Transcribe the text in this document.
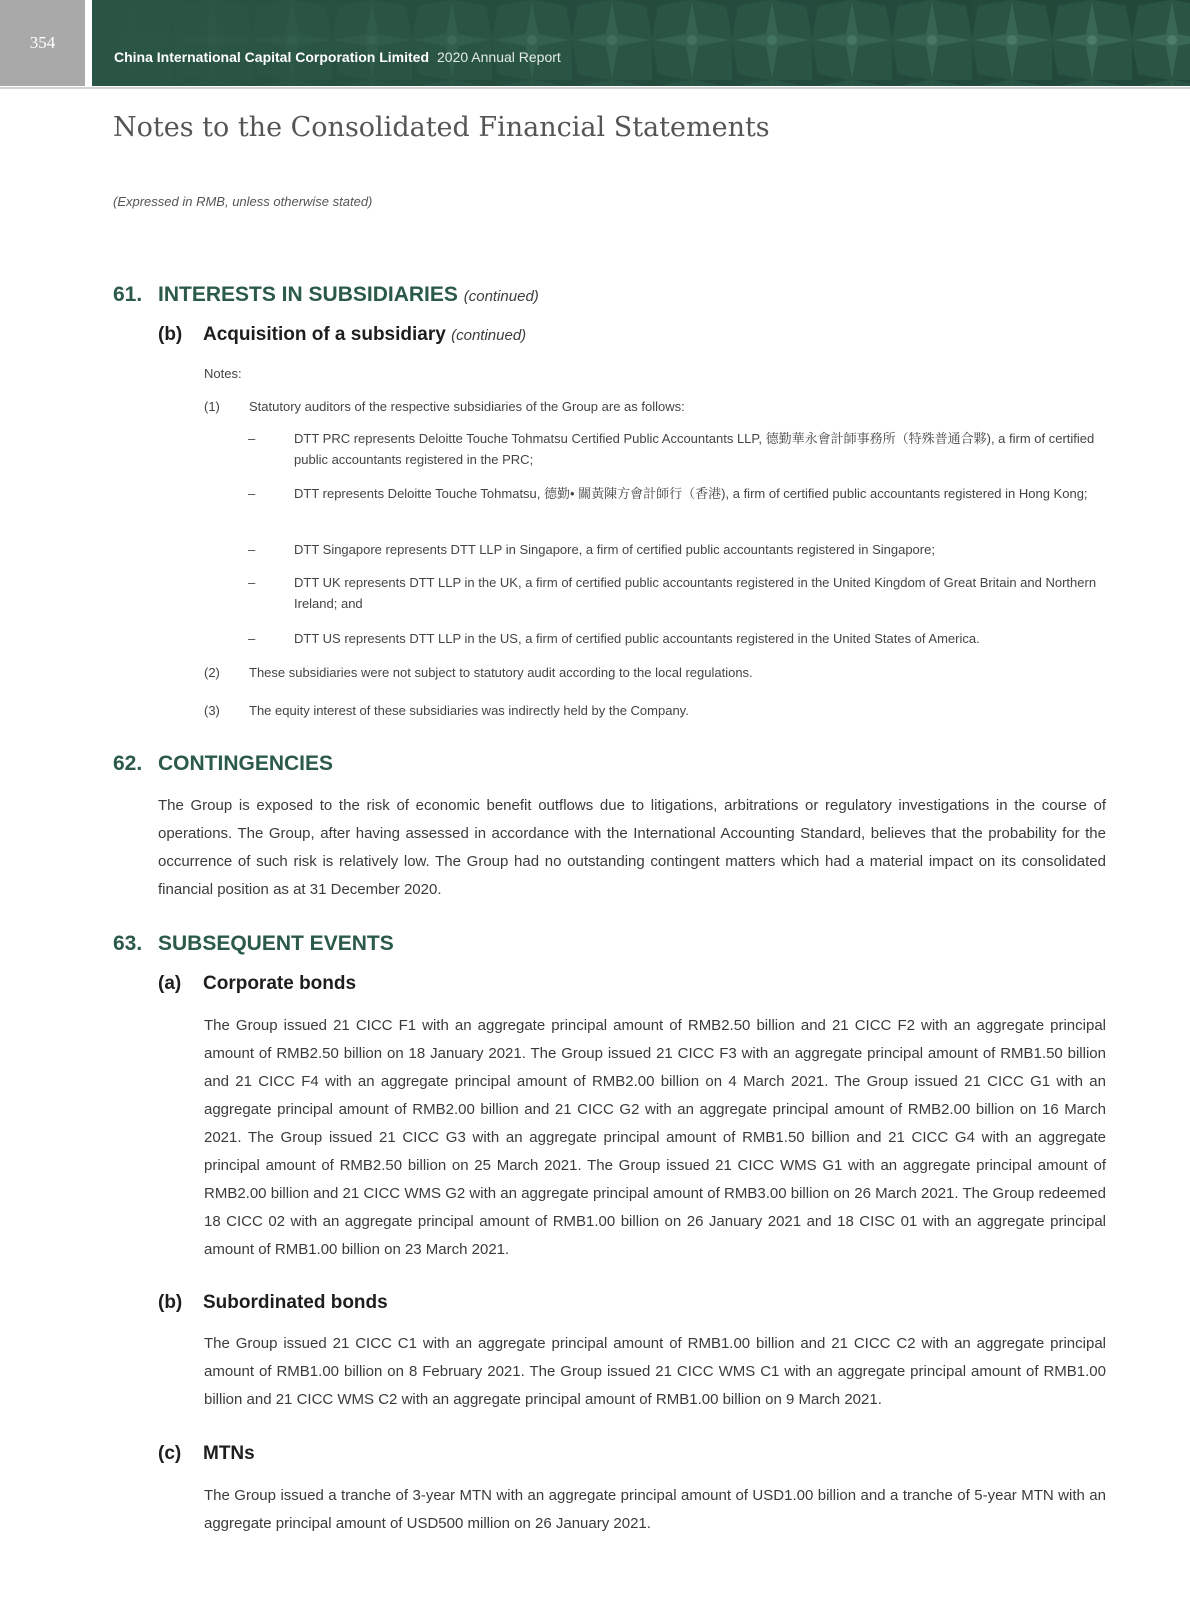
354
China International Capital Corporation Limited 2020 Annual Report
Notes to the Consolidated Financial Statements

(Expressed in RMB, unless otherwise stated)

61. INTERESTS IN SUBSIDIARIES (continued)
(b) Acquisition of a subsidiary (continued)
Notes:
(1) Statutory auditors of the respective subsidiaries of the Group are as follows:
–	DTT PRC represents Deloitte Touche Tohmatsu Certified Public Accountants LLP, 德勤華永會計師事務所（特殊普通合夥), a firm of certified public accountants registered in the PRC;
–	DTT represents Deloitte Touche Tohmatsu, 德勤• 關黃陳方會計師行（香港), a firm of certified public accountants registered in Hong Kong;
–	DTT Singapore represents DTT LLP in Singapore, a firm of certified public accountants registered in Singapore;
–	DTT UK represents DTT LLP in the UK, a firm of certified public accountants registered in the United Kingdom of Great Britain and Northern Ireland; and
–	DTT US represents DTT LLP in the US, a firm of certified public accountants registered in the United States of America.
(2) These subsidiaries were not subject to statutory audit according to the local regulations.
(3) The equity interest of these subsidiaries was indirectly held by the Company.
62. CONTINGENCIES

The Group is exposed to the risk of economic benefit outflows due to litigations, arbitrations or regulatory investigations in the course of operations. The Group, after having assessed in accordance with the International Accounting Standard, believes that the probability for the occurrence of such risk is relatively low. The Group had no outstanding contingent matters which had a material impact on its consolidated financial position as at 31 December 2020.

63. SUBSEQUENT EVENTS
(a) Corporate bonds

The Group issued 21 CICC F1 with an aggregate principal amount of RMB2.50 billion and 21 CICC F2 with an aggregate principal amount of RMB2.50 billion on 18 January 2021. The Group issued 21 CICC F3 with an aggregate principal amount of RMB1.50 billion and 21 CICC F4 with an aggregate principal amount of RMB2.00 billion on 4 March 2021. The Group issued 21 CICC G1 with an aggregate principal amount of RMB2.00 billion and 21 CICC G2 with an aggregate principal amount of RMB2.00 billion on 16 March 2021. The Group issued 21 CICC G3 with an aggregate principal amount of RMB1.50 billion and 21 CICC G4 with an aggregate principal amount of RMB2.50 billion on 25 March 2021. The Group issued 21 CICC WMS G1 with an aggregate principal amount of RMB2.00 billion and 21 CICC WMS G2 with an aggregate principal amount of RMB3.00 billion on 26 March 2021. The Group redeemed 18 CICC 02 with an aggregate principal amount of RMB1.00 billion on 26 January 2021 and 18 CISC 01 with an aggregate principal amount of RMB1.00 billion on 23 March 2021.

(b) Subordinated bonds

The Group issued 21 CICC C1 with an aggregate principal amount of RMB1.00 billion and 21 CICC C2 with an aggregate principal amount of RMB1.00 billion on 8 February 2021. The Group issued 21 CICC WMS C1 with an aggregate principal amount of RMB1.00 billion and 21 CICC WMS C2 with an aggregate principal amount of RMB1.00 billion on 9 March 2021.

(c) MTNs

The Group issued a tranche of 3-year MTN with an aggregate principal amount of USD1.00 billion and a tranche of 5-year MTN with an aggregate principal amount of USD500 million on 26 January 2021.
